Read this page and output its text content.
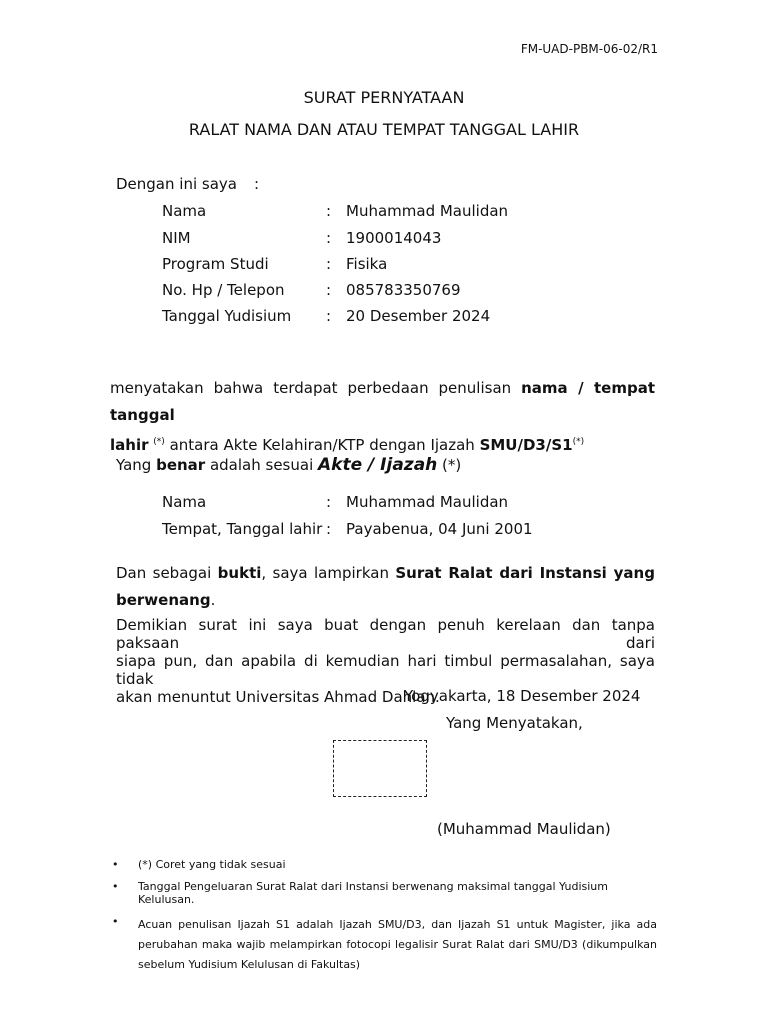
FM-UAD-PBM-06-02/R1
SURAT PERNYATAAN
RALAT NAMA DAN ATAU TEMPAT TANGGAL LAHIR
Dengan ini saya :
Nama	: Muhammad Maulidan
NIM	: 1900014043
Program Studi	: Fisika
No. Hp / Telepon	: 085783350769
Tanggal Yudisium : 20 Desember 2024
menyatakan bahwa terdapat perbedaan penulisan nama / tempat tanggal
lahir (*) antara Akte Kelahiran/KTP dengan Ijazah SMU/D3/S1(*)
Yang benar adalah sesuai Akte / Ijazah (*)
Nama	: Muhammad Maulidan
Tempat, Tanggal lahir : Payabenua, 04 Juni 2001
Dan sebagai bukti, saya lampirkan Surat Ralat dari Instansi yang
berwenang.
Demikian surat ini saya buat dengan penuh kerelaan dan tanpa paksaan dari
siapa pun, dan apabila di kemudian hari timbul permasalahan, saya tidak
akan menuntut Universitas Ahmad Dahlan.
Yogyakarta, 18 Desember 2024
Yang Menyatakan,
(Muhammad Maulidan)
• (*) Coret yang tidak sesuai
• Tanggal Pengeluaran Surat Ralat dari Instansi berwenang maksimal tanggal Yudisium Kelulusan.
• Acuan penulisan Ijazah S1 adalah Ijazah SMU/D3, dan Ijazah S1 untuk Magister, jika ada
perubahan maka wajib melampirkan fotocopi legalisir Surat Ralat dari SMU/D3 (dikumpulkan
sebelum Yudisium Kelulusan di Fakultas)
